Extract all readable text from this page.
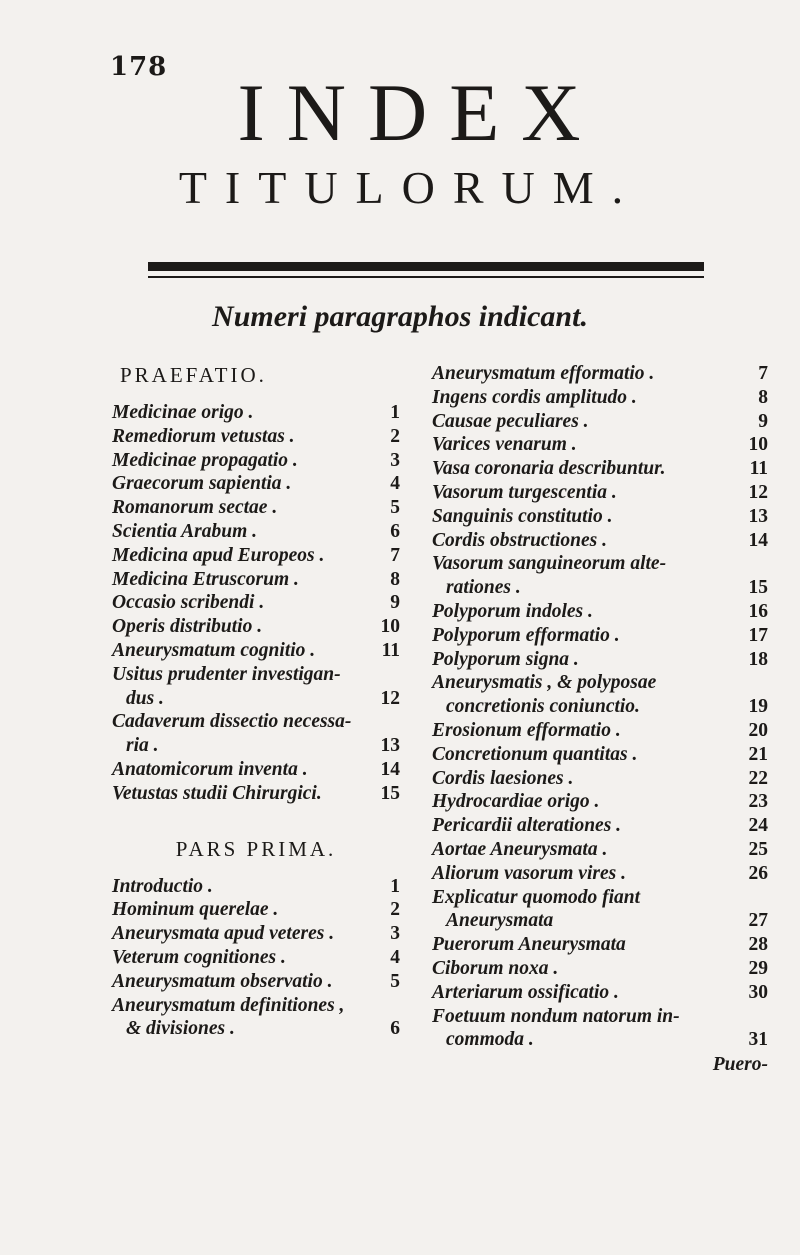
178 INDEX
TITULORUM.
Numeri paragraphos indicant.
PRAEFATIO.
Medicinae origo .	1
Remediorum vetustas .	2
Medicinae propagatio .	3
Graecorum sapientia .	4
Romanorum sectae .	5
Scientia Arabum .	6
Medicina apud Europeos .	7
Medicina Etruscorum .	8
Occasio scribendi .	9
Operis distributio .	10
Aneurysmatum cognitio .	11
Usitus prudenter investigan-
dus .	12
Cadaverum dissectio necessa-
ria .	13
Anatomicorum inventa .	14
Vetustas studii Chirurgici.	15
PARS PRIMA.
Introductio .	1
Hominum querelae .	2
Aneurysmata apud veteres .	3
Veterum cognitiones .	4
Aneurysmatum observatio .	5
Aneurysmatum definitiones ,
& divisiones .	6
Aneurysmatum efformatio .	7
Ingens cordis amplitudo .	8
Causae peculiares .	9
Varices venarum .	10
Vasa coronaria describuntur.	11
Vasorum turgescentia .	12
Sanguinis constitutio .	13
Cordis obstructiones .	14
Vasorum sanguineorum alte-
rationes .	15
Polyporum indoles .	16
Polyporum efformatio .	17
Polyporum signa .	18
Aneurysmatis , & polyposae
concretionis coniunctio.	19
Erosionum efformatio .	20
Concretionum quantitas .	21
Cordis laesiones .	22
Hydrocardiae origo .	23
Pericardii alterationes .	24
Aortae Aneurysmata .	25
Aliorum vasorum vires .	26
Explicatur quomodo fiant
Aneurysmata	27
Puerorum Aneurysmata	28
Ciborum noxa .	29
Arteriarum ossificatio .	30
Foetuum nondum natorum in-
commoda .	31
Puero-
